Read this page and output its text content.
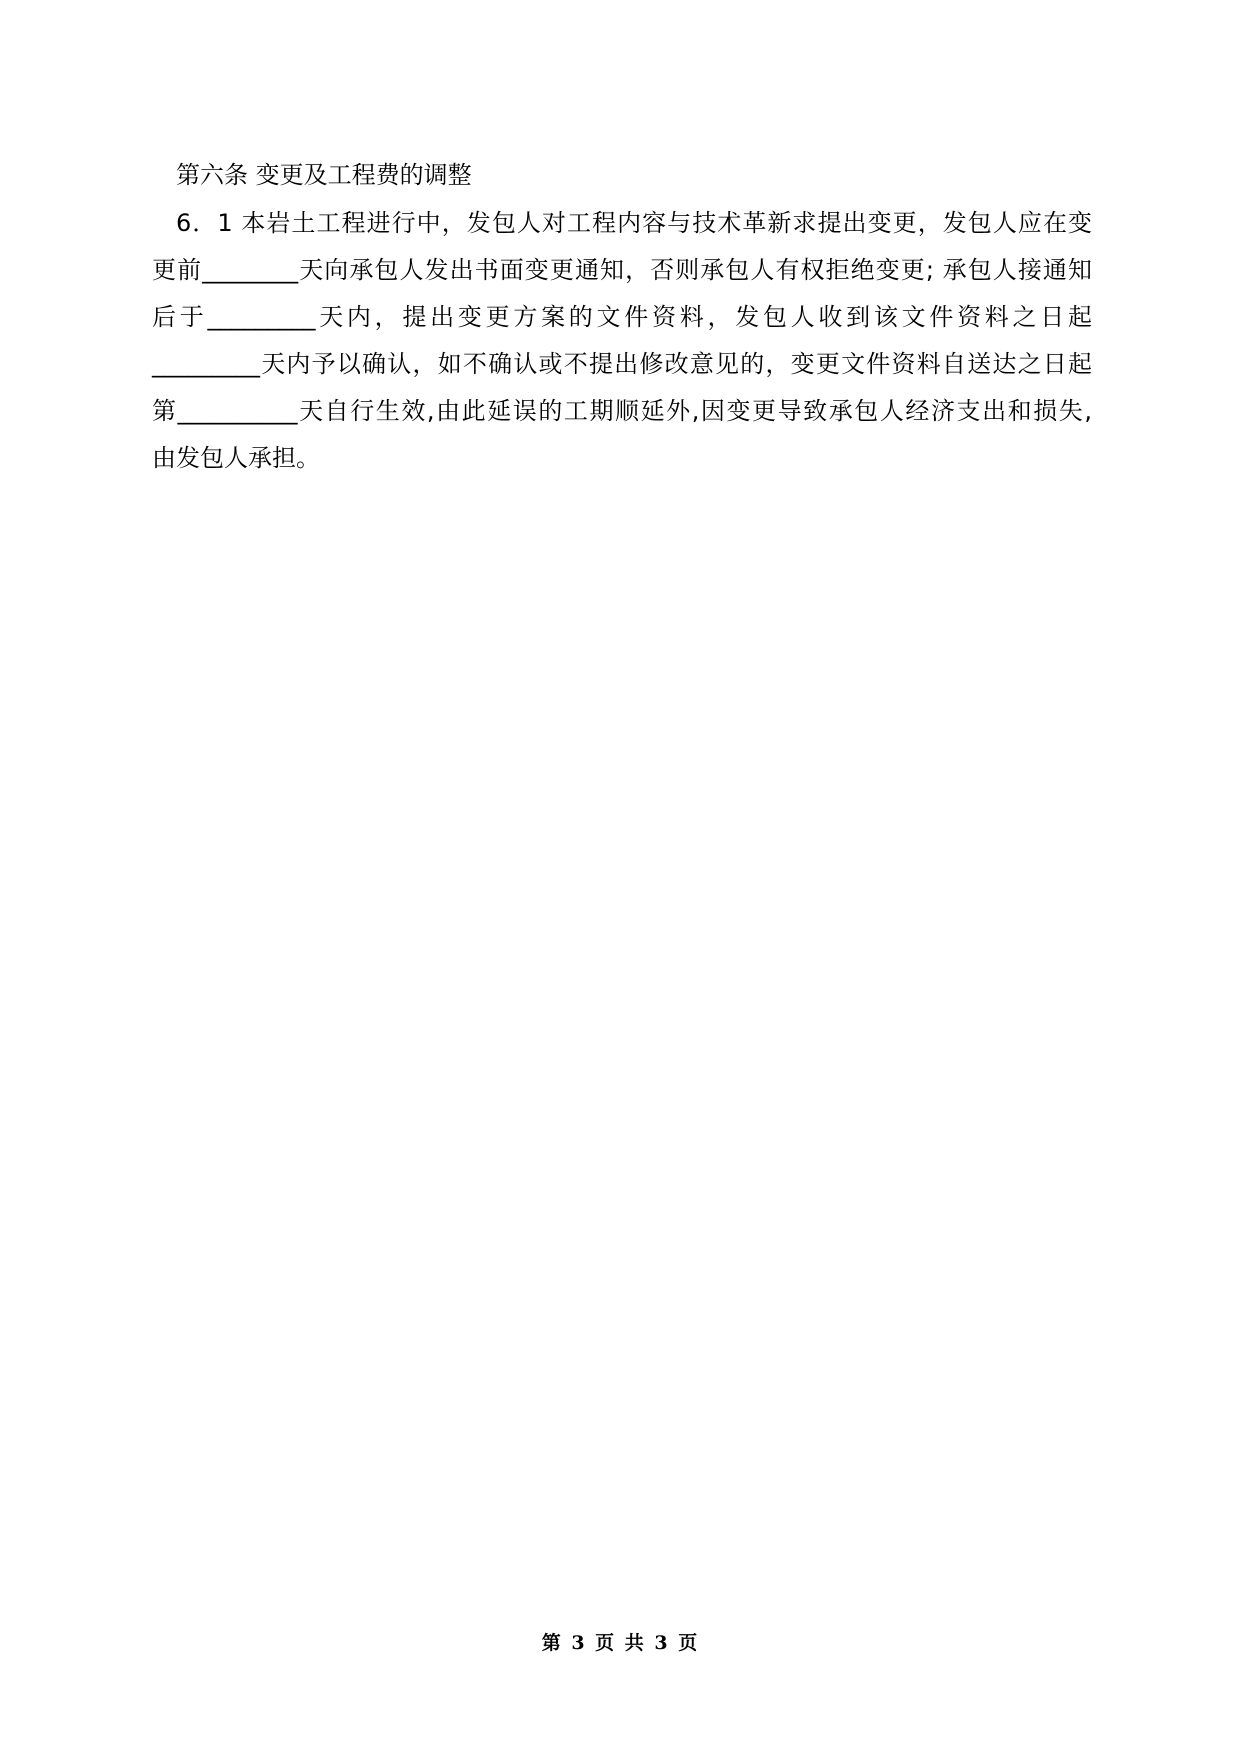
第六条 变更及工程费的调整
6．1 本岩土工程进行中，发包人对工程内容与技术革新求提出变更，发包人应在变
更前________天向承包人发出书面变更通知，否则承包人有权拒绝变更; 承包人接通知
后于_________天内，提出变更方案的文件资料，发包人收到该文件资料之日起
_________天内予以确认，如不确认或不提出修改意见的，变更文件资料自送达之日起
第__________天自行生效,由此延误的工期顺延外,因变更导致承包人经济支出和损失,
由发包人承担。
第 3 页 共 3 页
